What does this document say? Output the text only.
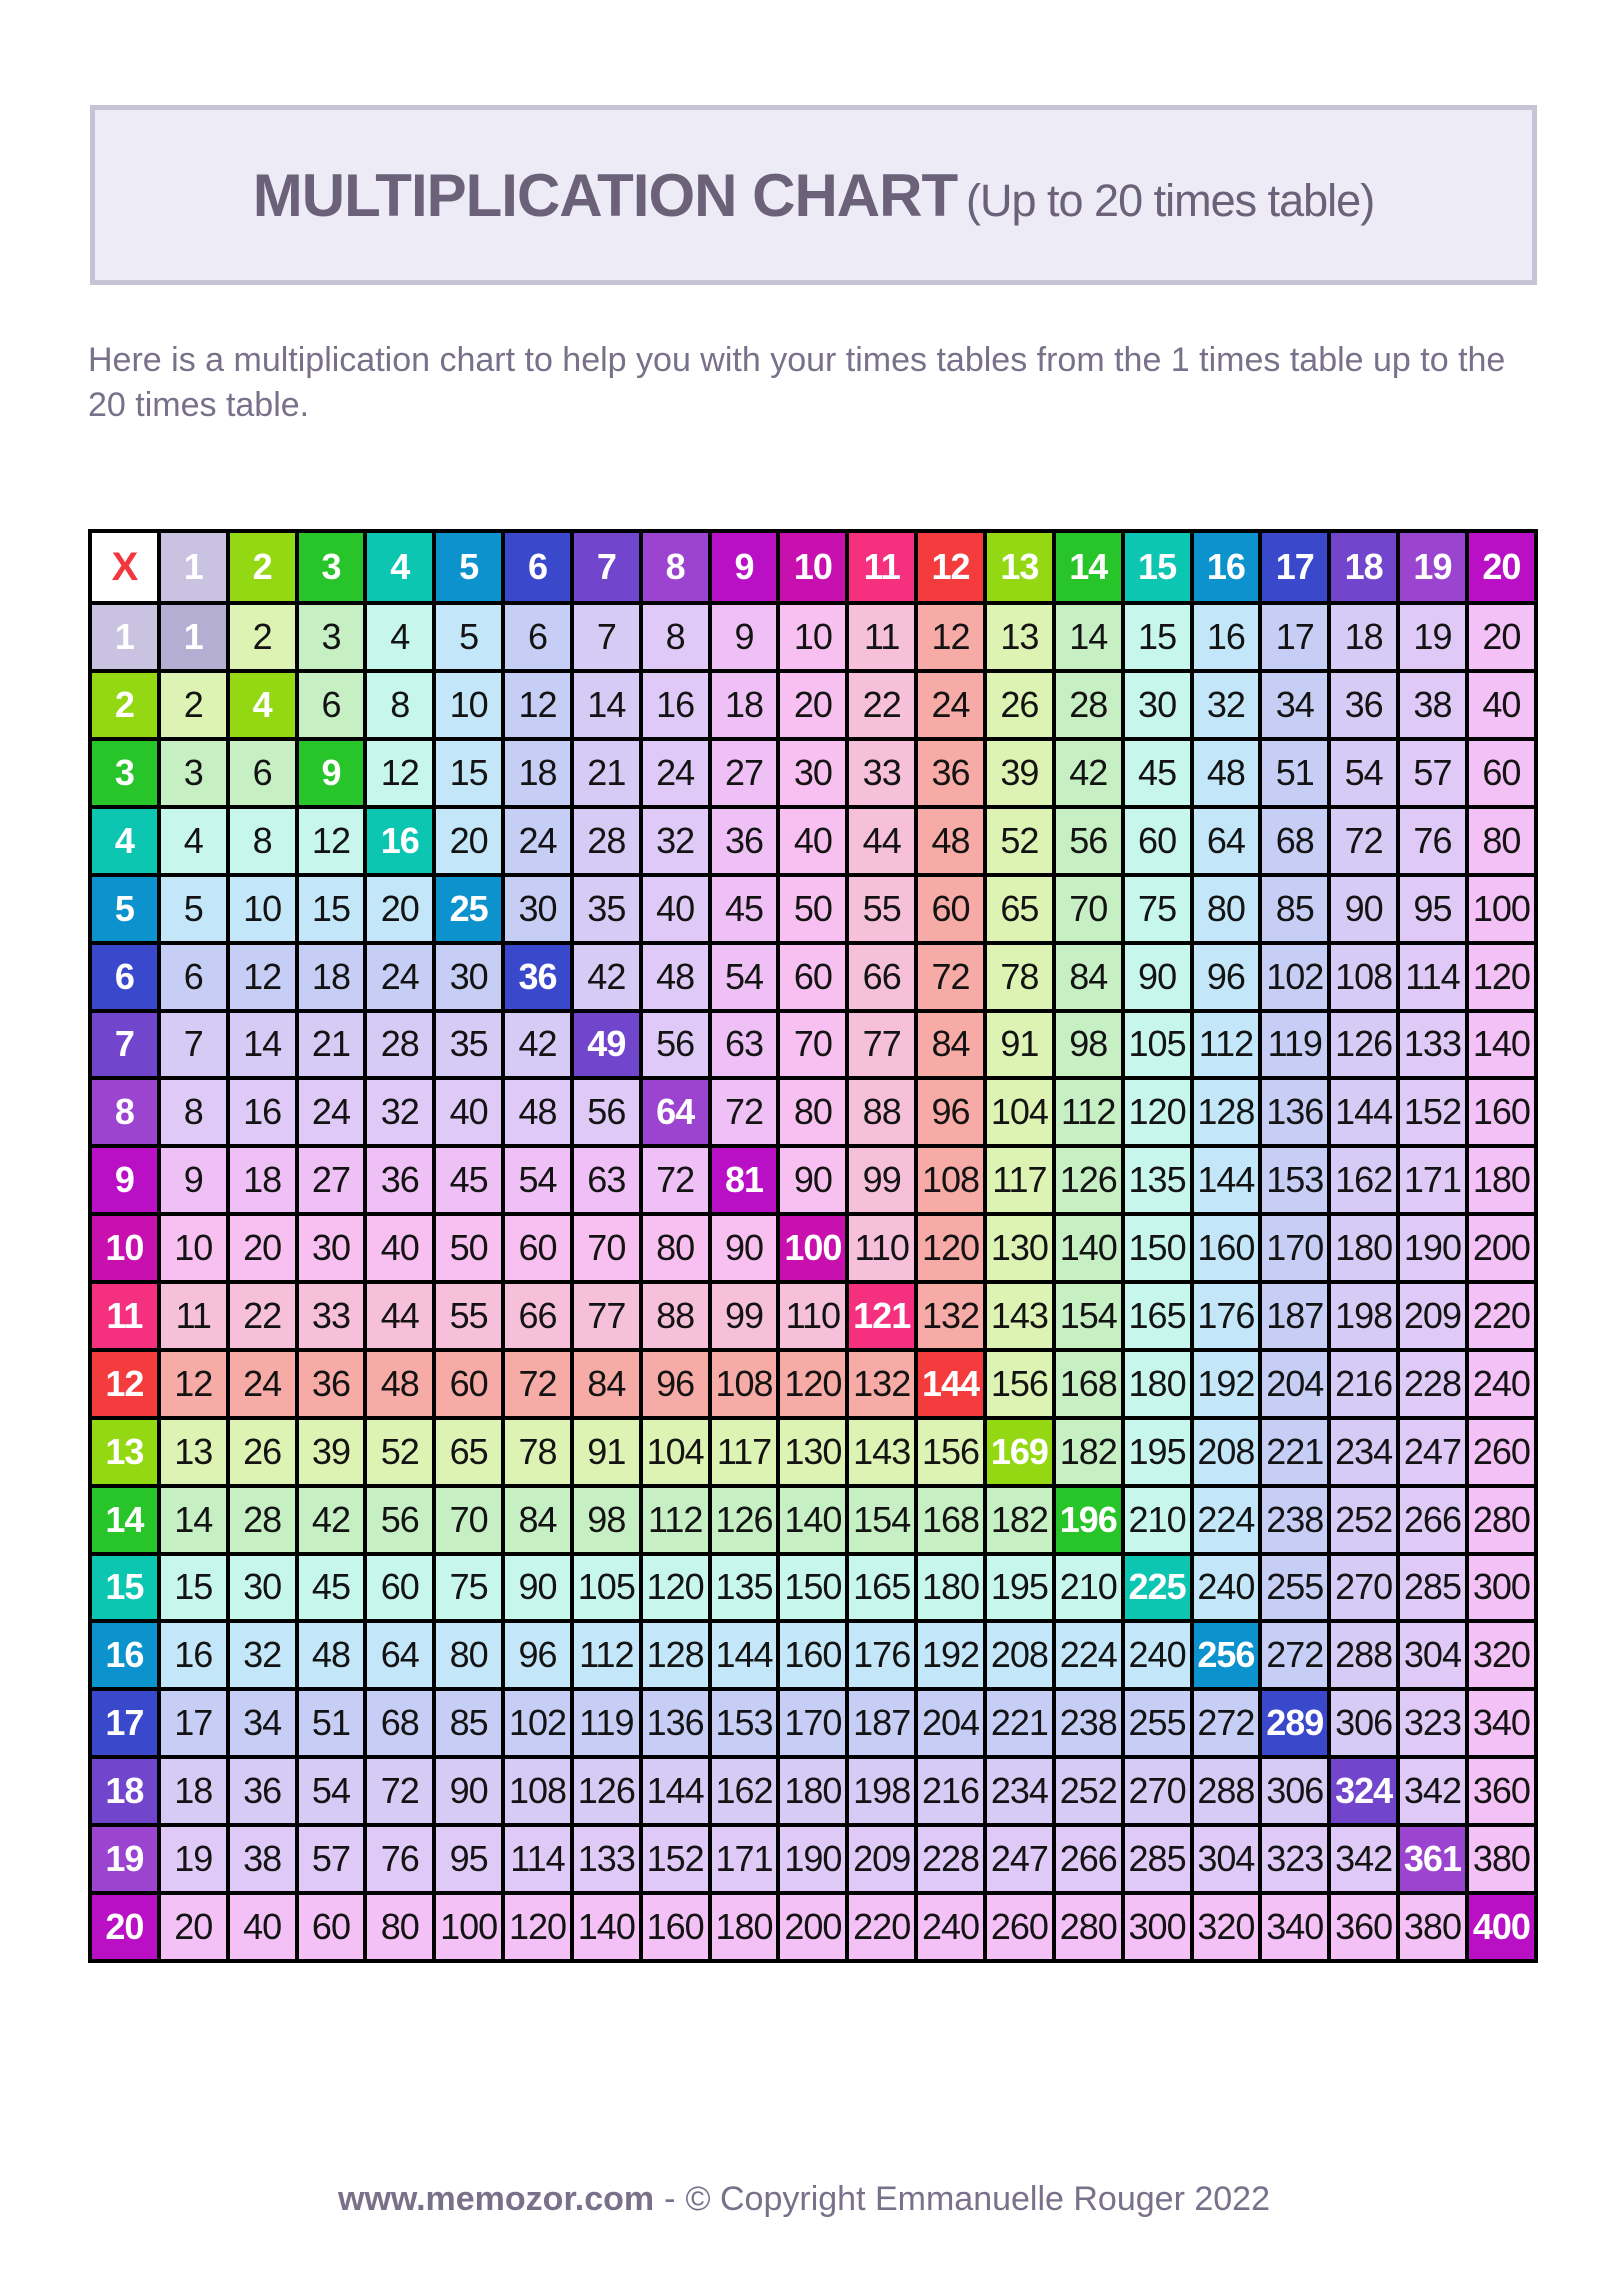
MULTIPLICATION CHART (Up to 20 times table)

Here is a multiplication chart to help you with your times tables from the 1 times table up to the 20 times table.

X	1	2	3	4	5	6	7	8	9	10	11	12	13	14	15	16	17	18	19	20
1	1	2	3	4	5	6	7	8	9	10	11	12	13	14	15	16	17	18	19	20
2	2	4	6	8	10	12	14	16	18	20	22	24	26	28	30	32	34	36	38	40
3	3	6	9	12	15	18	21	24	27	30	33	36	39	42	45	48	51	54	57	60
4	4	8	12	16	20	24	28	32	36	40	44	48	52	56	60	64	68	72	76	80
5	5	10	15	20	25	30	35	40	45	50	55	60	65	70	75	80	85	90	95	100
6	6	12	18	24	30	36	42	48	54	60	66	72	78	84	90	96	102	108	114	120
7	7	14	21	28	35	42	49	56	63	70	77	84	91	98	105	112	119	126	133	140
8	8	16	24	32	40	48	56	64	72	80	88	96	104	112	120	128	136	144	152	160
9	9	18	27	36	45	54	63	72	81	90	99	108	117	126	135	144	153	162	171	180
10	10	20	30	40	50	60	70	80	90	100	110	120	130	140	150	160	170	180	190	200
11	11	22	33	44	55	66	77	88	99	110	121	132	143	154	165	176	187	198	209	220
12	12	24	36	48	60	72	84	96	108	120	132	144	156	168	180	192	204	216	228	240
13	13	26	39	52	65	78	91	104	117	130	143	156	169	182	195	208	221	234	247	260
14	14	28	42	56	70	84	98	112	126	140	154	168	182	196	210	224	238	252	266	280
15	15	30	45	60	75	90	105	120	135	150	165	180	195	210	225	240	255	270	285	300
16	16	32	48	64	80	96	112	128	144	160	176	192	208	224	240	256	272	288	304	320
17	17	34	51	68	85	102	119	136	153	170	187	204	221	238	255	272	289	306	323	340
18	18	36	54	72	90	108	126	144	162	180	198	216	234	252	270	288	306	324	342	360
19	19	38	57	76	95	114	133	152	171	190	209	228	247	266	285	304	323	342	361	380
20	20	40	60	80	100	120	140	160	180	200	220	240	260	280	300	320	340	360	380	400
www.memozor.com - © Copyright Emmanuelle Rouger 2022
